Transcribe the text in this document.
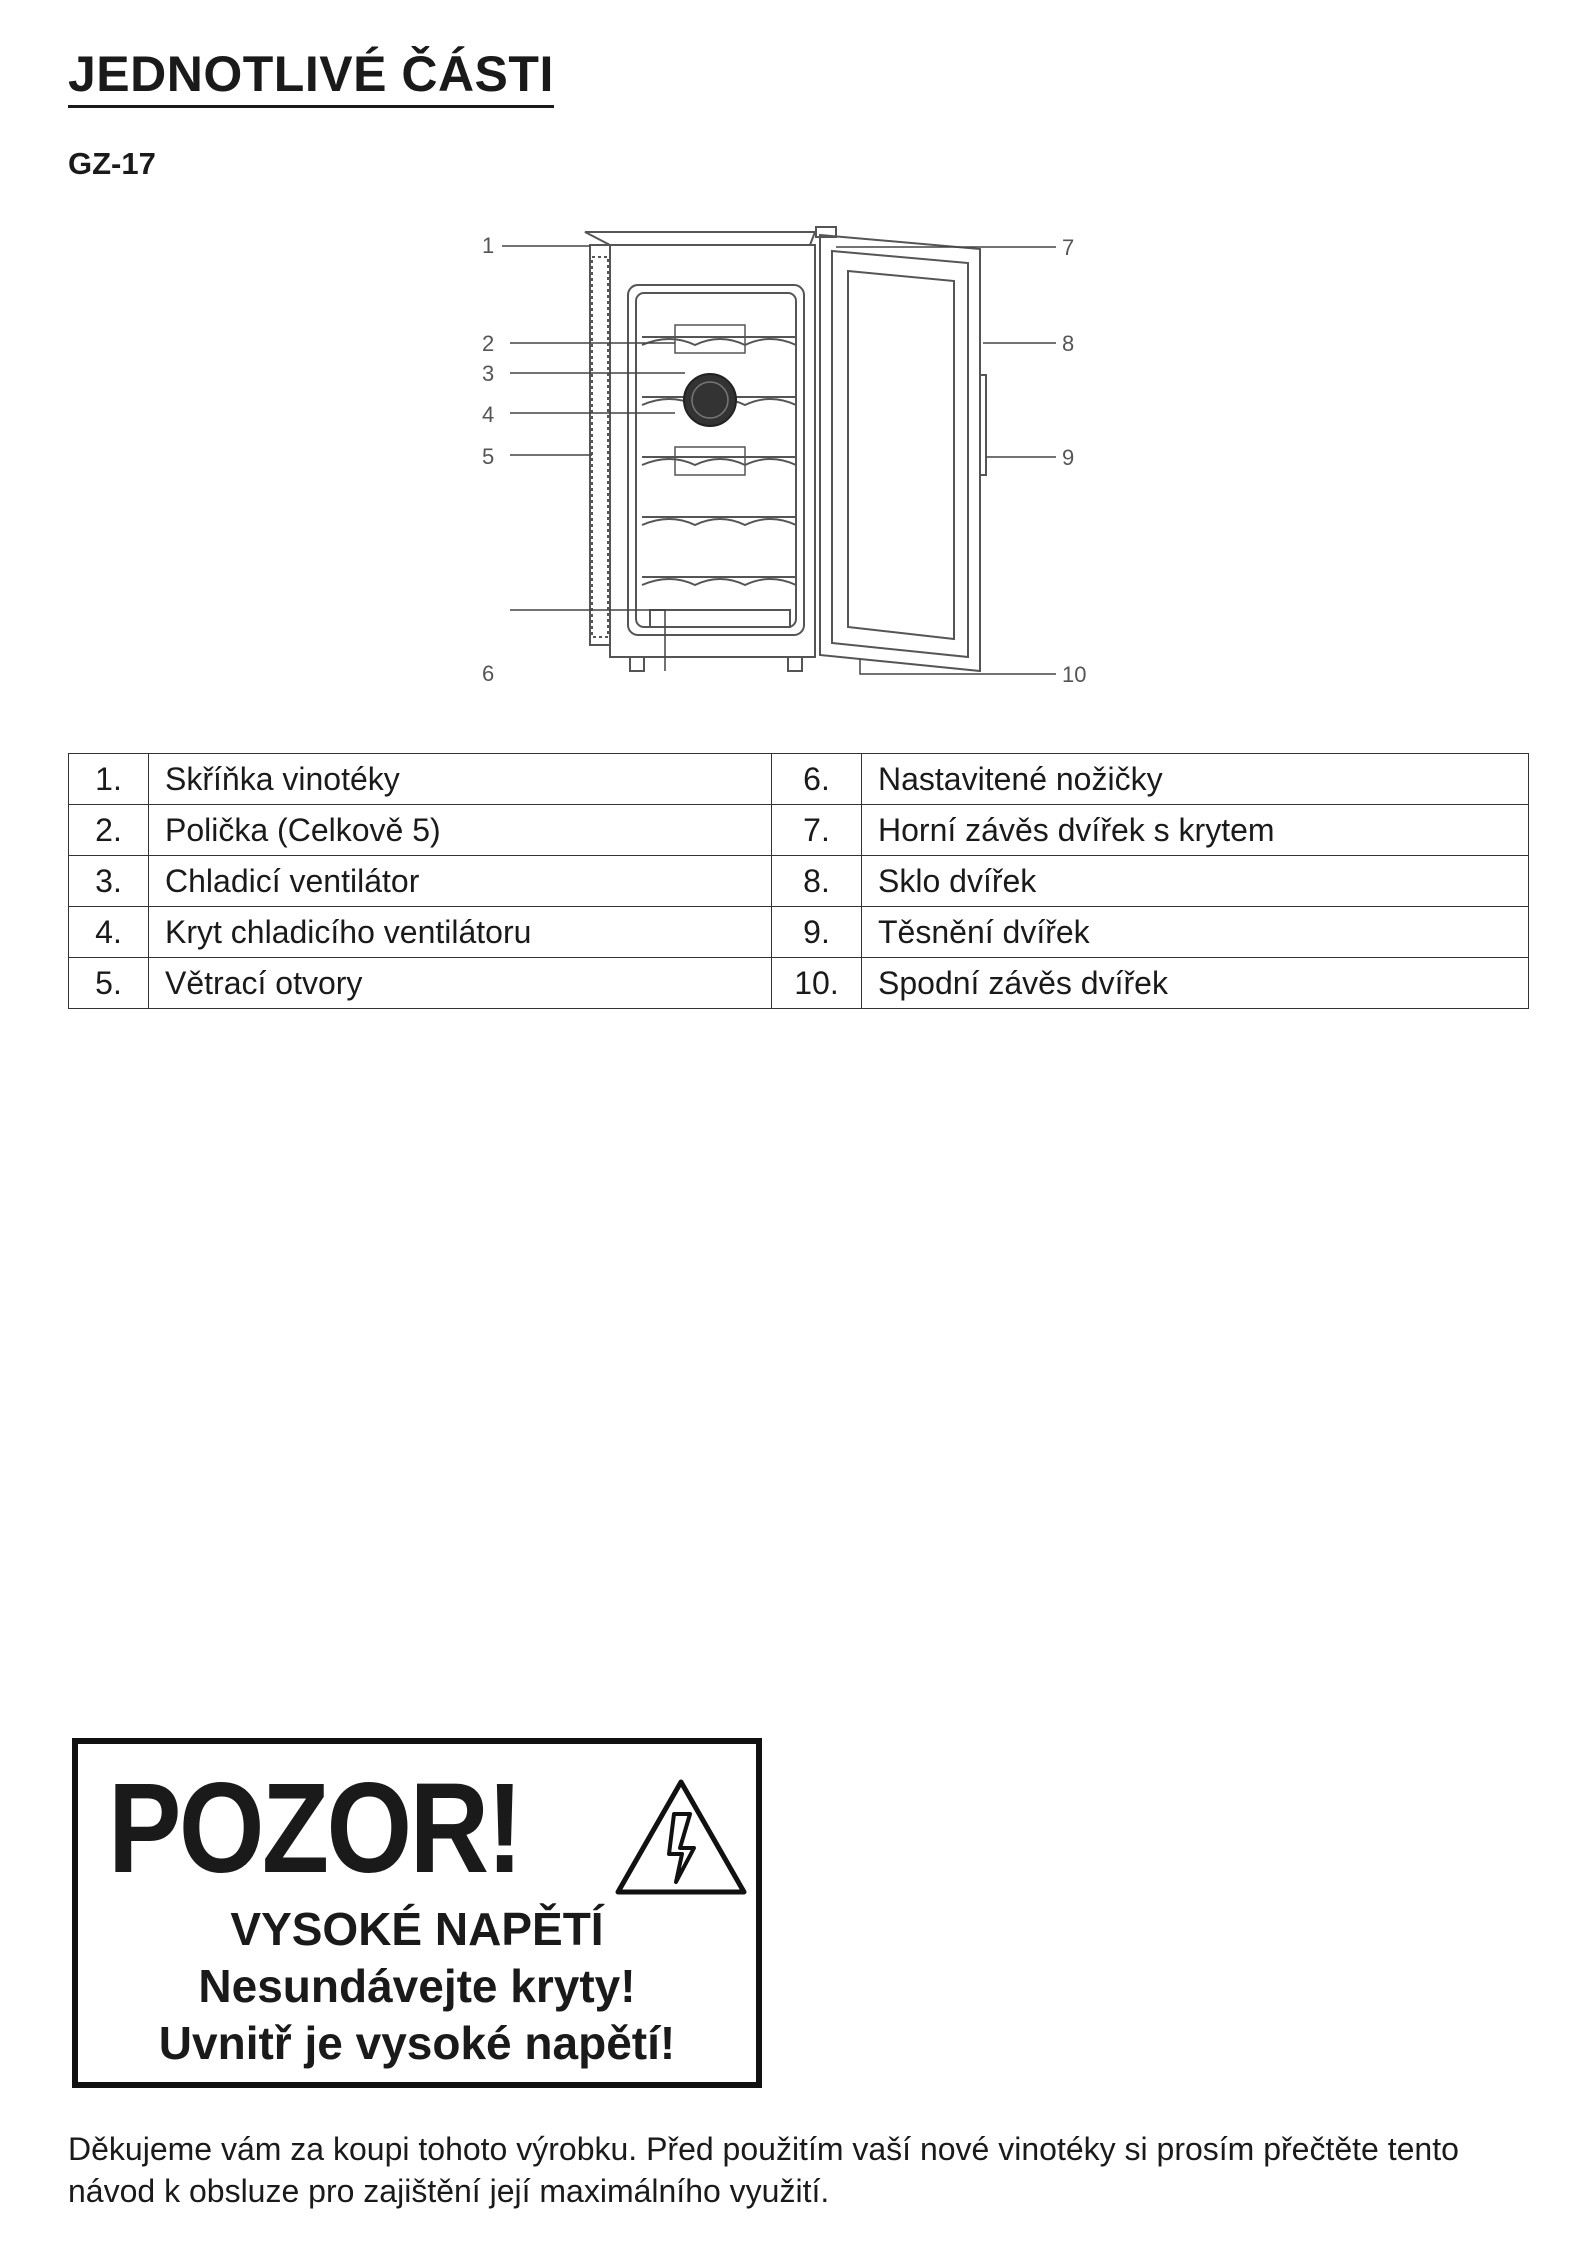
JEDNOTLIVÉ ČÁSTI
GZ-17
1
2
3
4
5
6
7
8
9
10
1.	Skříňka vinotéky	6.	Nastavitené nožičky
2.	Polička (Celkově 5)	7.	Horní závěs dvířek s krytem
3.	Chladicí ventilátor	8.	Sklo dvířek
4.	Kryt chladicího ventilátoru	9.	Těsnění dvířek
5.	Větrací otvory	10.	Spodní závěs dvířek
POZOR!
VYSOKÉ NAPĚTÍ
Nesundávejte kryty!
Uvnitř je vysoké napětí!
Děkujeme vám za koupi tohoto výrobku. Před použitím vaší nové vinotéky si prosím přečtěte tento návod k obsluze pro zajištění její maximálního využití.
